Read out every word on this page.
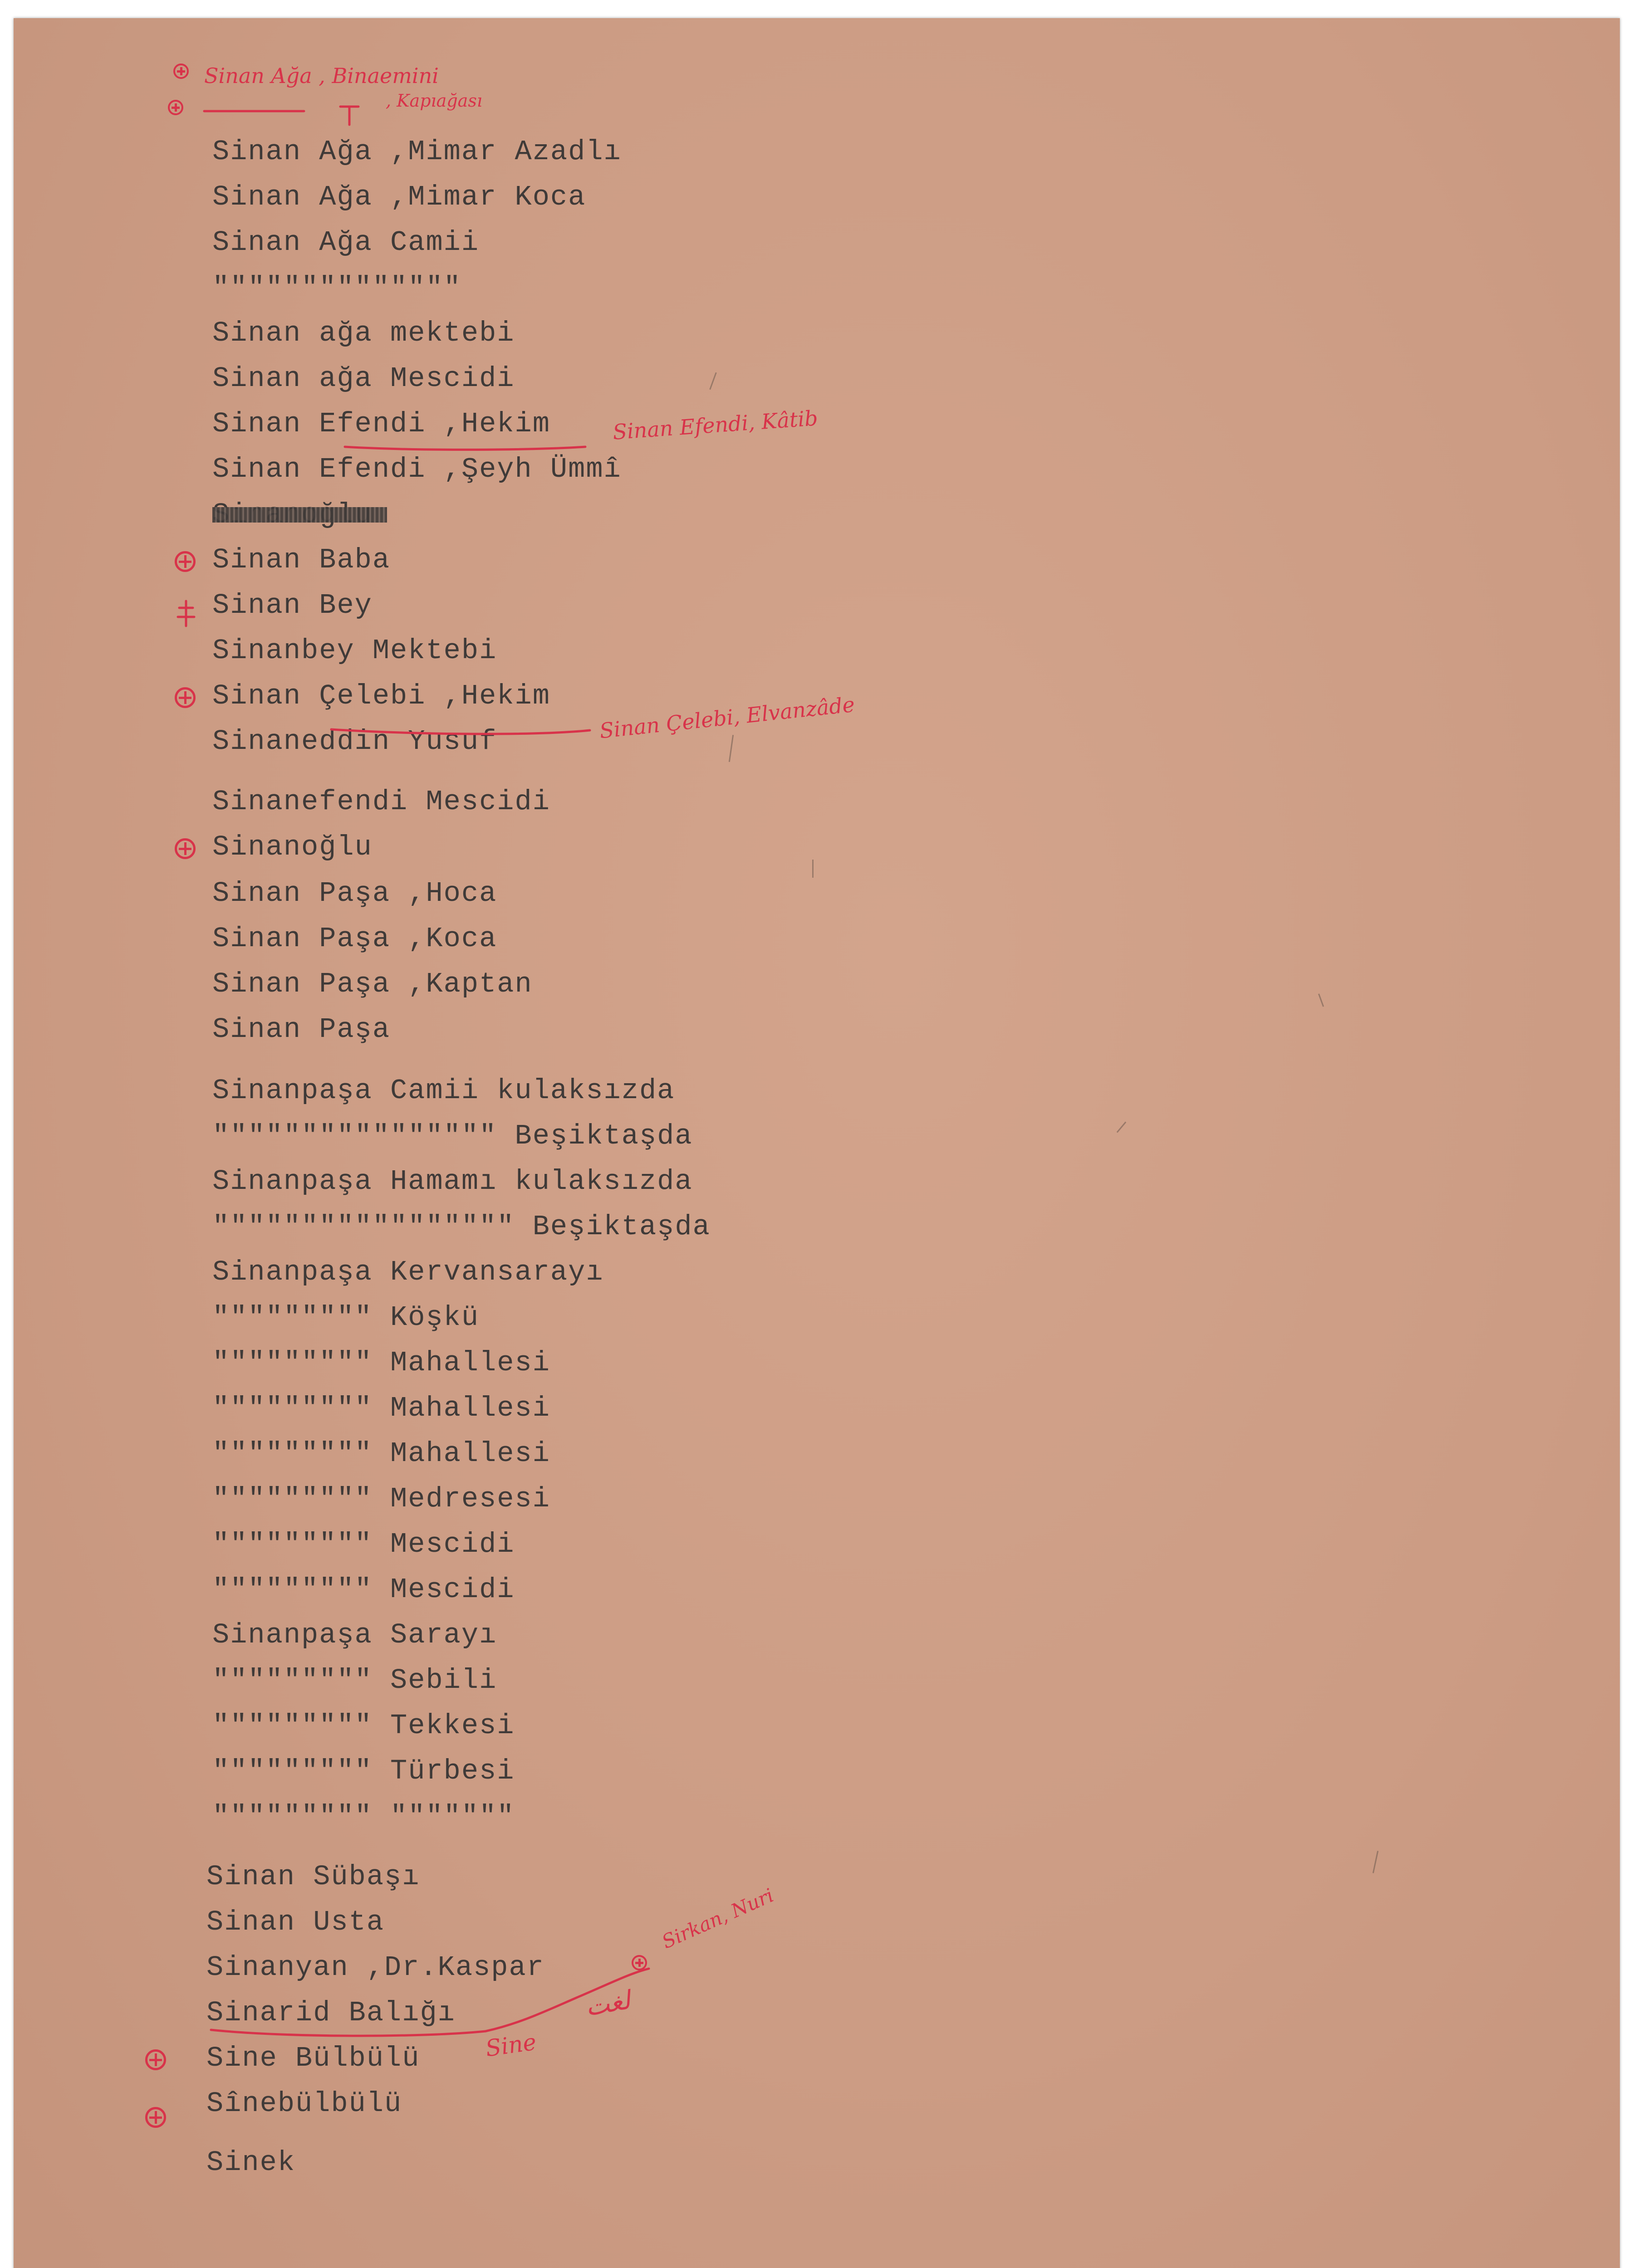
Sinan Ağa ,Mimar Azadlı
Sinan Ağa ,Mimar Koca
Sinan Ağa Camii
""""""""""""""
Sinan ağa mektebi
Sinan ağa Mescidi
Sinan Efendi ,Hekim
Sinan Efendi ,Şeyh Ümmî
Sinan Baba
Sinan Bey
Sinanbey Mektebi
Sinan Çelebi ,Hekim
Sinaneddin Yusuf
Sinanefendi Mescidi
Sinanoğlu
Sinan Paşa ,Hoca
Sinan Paşa ,Koca
Sinan Paşa ,Kaptan
Sinan Paşa
Sinanpaşa Camii kulaksızda
"""""""""""""""" Beşiktaşda
Sinanpaşa Hamamı kulaksızda
""""""""""""""""" Beşiktaşda
Sinanpaşa Kervansarayı
""""""""" Köşkü
""""""""" Mahallesi
""""""""" Mahallesi
""""""""" Mahallesi
""""""""" Medresesi
""""""""" Mescidi
""""""""" Mescidi
Sinanpaşa Sarayı
""""""""" Sebili
""""""""" Tekkesi
""""""""" Türbesi
""""""""" """""""
Sinan Sübaşı
Sinan Usta
Sinanyan ,Dr.Kaspar
Sinarid Balığı
Sine Bülbülü
Sînebülbülü
Sinek
Sinan Ağa , Binaemini
, Kapıağası
Sinan Efendi, Kâtib
Sinan Çelebi, Elvanzâde
Sirkan, Nuri
Sine
لغت
